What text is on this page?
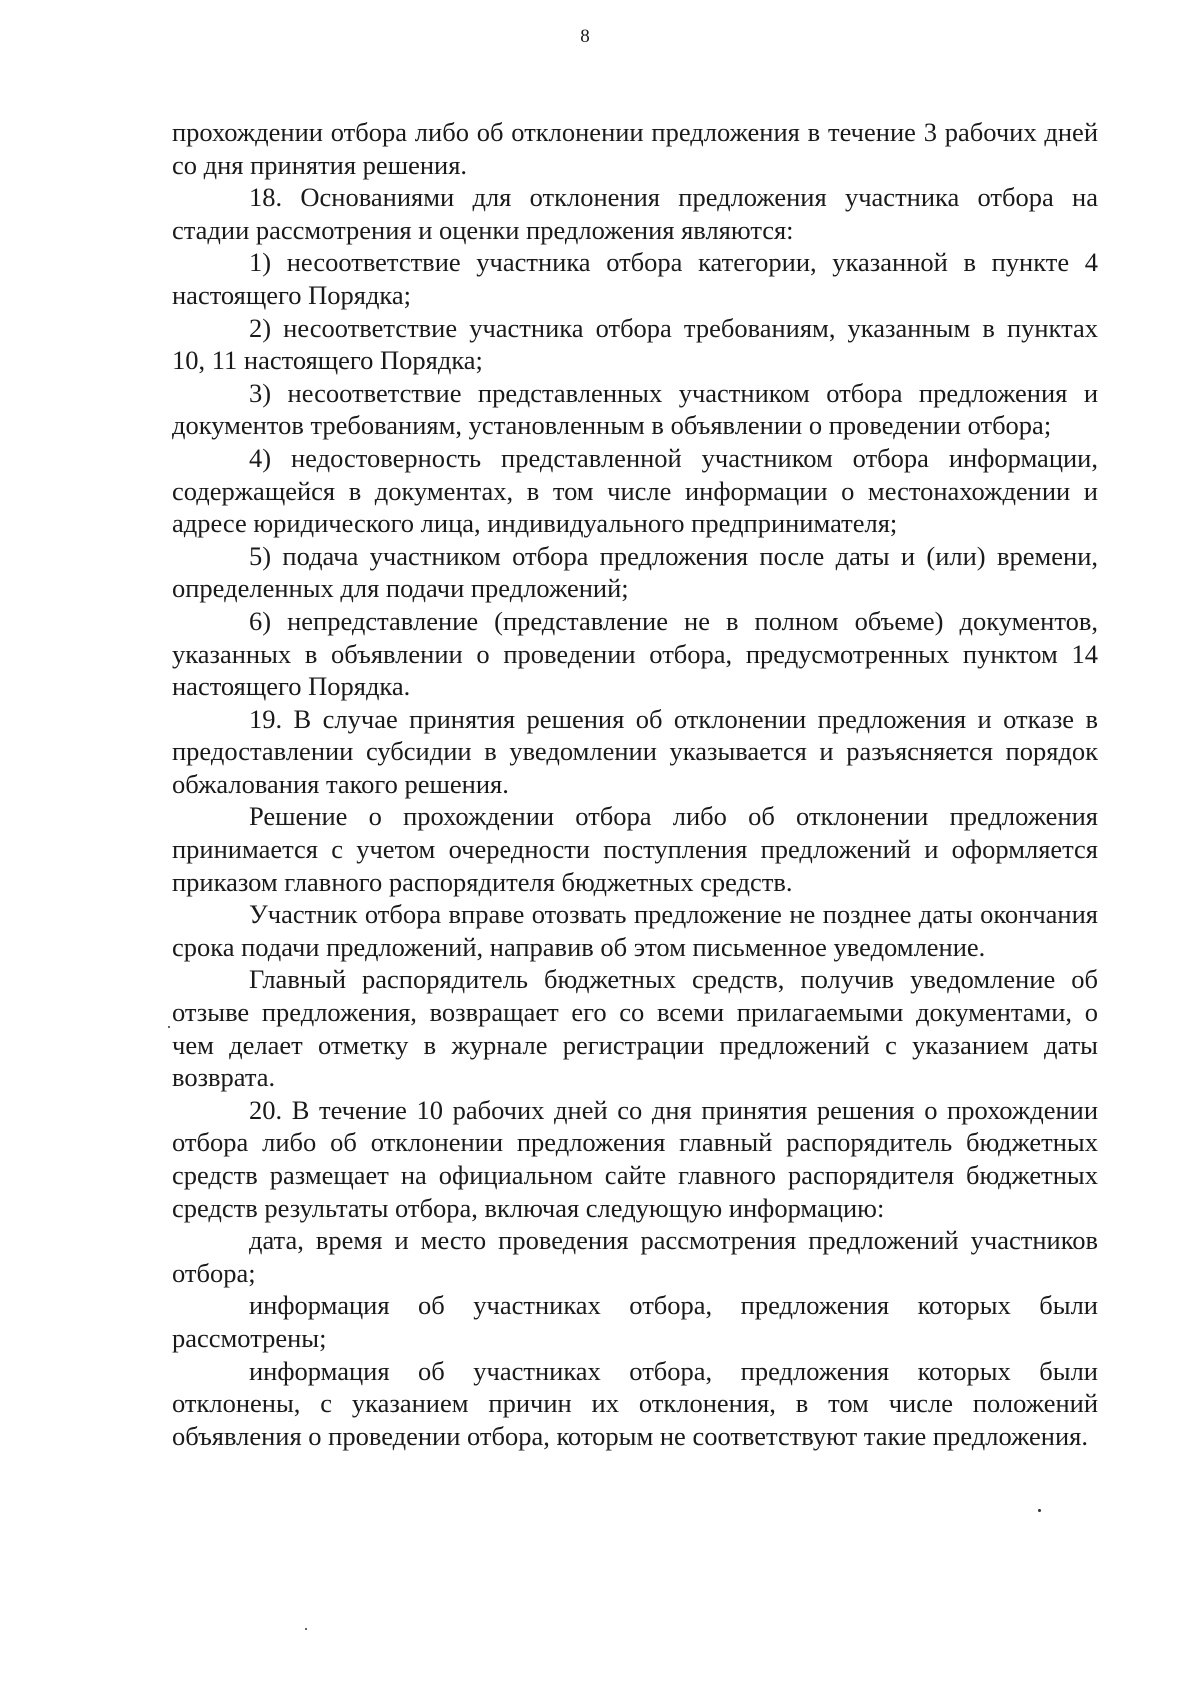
8

прохождении отбора либо об отклонении предложения в течение 3 рабочих дней со дня принятия решения.

18. Основаниями для отклонения предложения участника отбора на стадии рассмотрения и оценки предложения являются:

1) несоответствие участника отбора категории, указанной в пункте 4 настоящего Порядка;

2) несоответствие участника отбора требованиям, указанным в пунктах 10, 11 настоящего Порядка;

3) несоответствие представленных участником отбора предложения и документов требованиям, установленным в объявлении о проведении отбора;

4) недостоверность представленной участником отбора информации, содержащейся в документах, в том числе информации о местонахождении и адресе юридического лица, индивидуального предпринимателя;

5) подача участником отбора предложения после даты и (или) времени, определенных для подачи предложений;

6) непредставление (представление не в полном объеме) документов, указанных в объявлении о проведении отбора, предусмотренных пунктом 14 настоящего Порядка.

19. В случае принятия решения об отклонении предложения и отказе в предоставлении субсидии в уведомлении указывается и разъясняется порядок обжалования такого решения.

Решение о прохождении отбора либо об отклонении предложения принимается с учетом очередности поступления предложений и оформляется приказом главного распорядителя бюджетных средств.

Участник отбора вправе отозвать предложение не позднее даты окончания срока подачи предложений, направив об этом письменное уведомление.

Главный распорядитель бюджетных средств, получив уведомление об отзыве предложения, возвращает его со всеми прилагаемыми документами, о чем делает отметку в журнале регистрации предложений с указанием даты возврата.

20. В течение 10 рабочих дней со дня принятия решения о прохождении отбора либо об отклонении предложения главный распорядитель бюджетных средств размещает на официальном сайте главного распорядителя бюджетных средств результаты отбора, включая следующую информацию:

дата, время и место проведения рассмотрения предложений участников отбора;

информация об участниках отбора, предложения которых были рассмотрены;

информация об участниках отбора, предложения которых были отклонены, с указанием причин их отклонения, в том числе положений объявления о проведении отбора, которым не соответствуют такие предложения.
